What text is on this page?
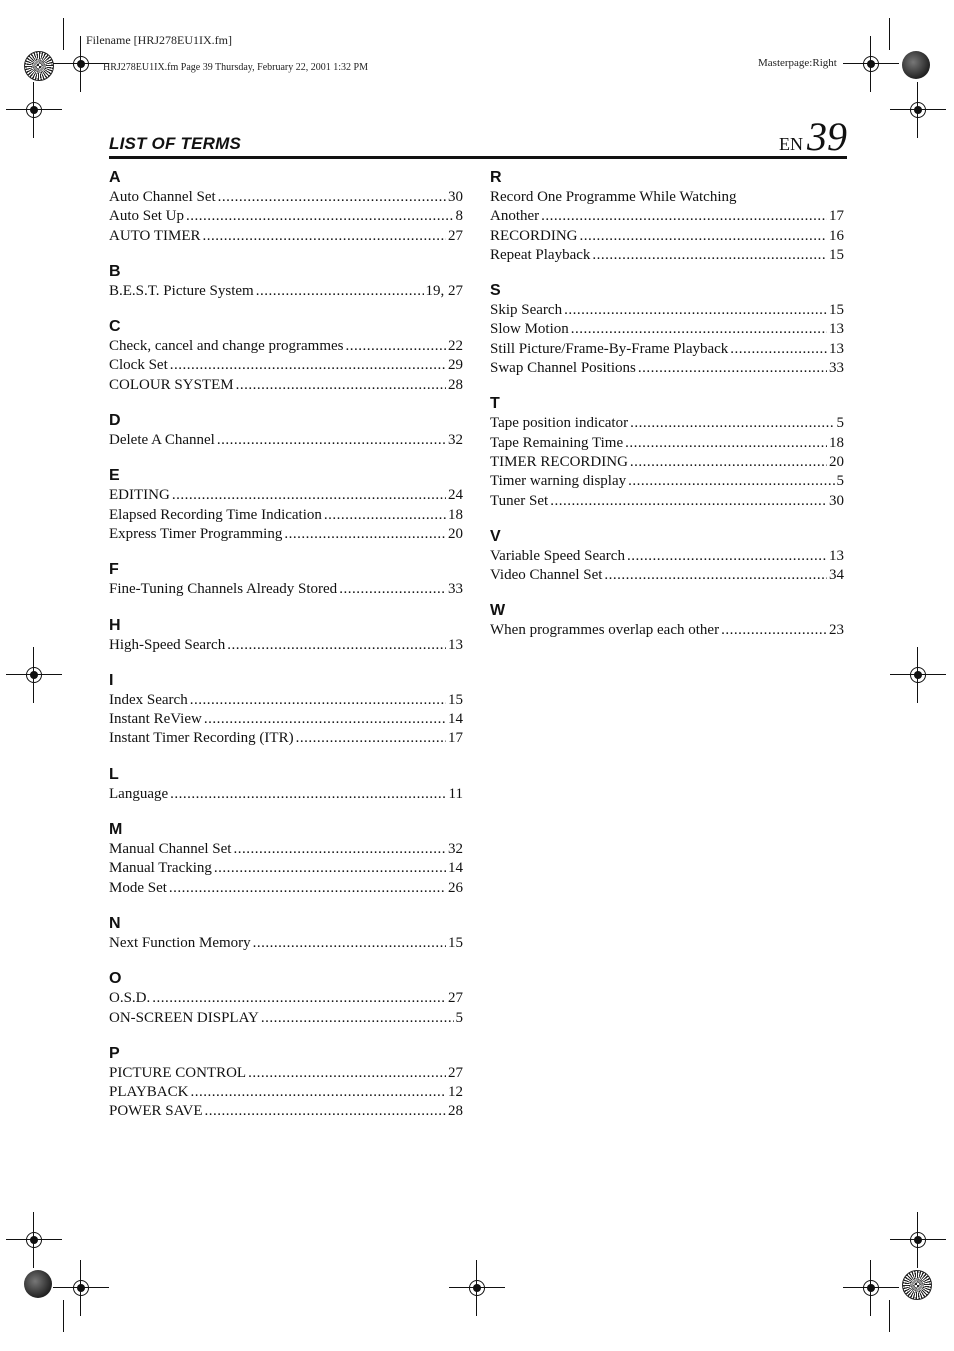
Filename [HRJ278EU1IX.fm]
HRJ278EU1IX.fm Page 39 Thursday, February 22, 2001 1:32 PM	Masterpage:Right
LIST OF TERMS	EN 39
A
Auto Channel Set .....	30
Auto Set Up .....	8
AUTO TIMER .....	27
B
B.E.S.T. Picture System .....	19, 27
C
Check, cancel and change programmes .....	22
Clock Set .....	29
COLOUR SYSTEM .....	28
D
Delete A Channel .....	32
E
EDITING .....	24
Elapsed Recording Time Indication .....	18
Express Timer Programming .....	20
F
Fine-Tuning Channels Already Stored .....	33
H
High-Speed Search .....	13
I
Index Search .....	15
Instant ReView .....	14
Instant Timer Recording (ITR) .....	17
L
Language .....	11
M
Manual Channel Set .....	32
Manual Tracking .....	14
Mode Set .....	26
N
Next Function Memory .....	15
O
O.S.D. .....	27
ON-SCREEN DISPLAY .....	5
P
PICTURE CONTROL .....	27
PLAYBACK .....	12
POWER SAVE .....	28
R
Record One Programme While Watching
Another .....	17
RECORDING .....	16
Repeat Playback .....	15
S
Skip Search .....	15
Slow Motion .....	13
Still Picture/Frame-By-Frame Playback .....	13
Swap Channel Positions .....	33
T
Tape position indicator .....	5
Tape Remaining Time .....	18
TIMER RECORDING .....	20
Timer warning display .....	5
Tuner Set .....	30
V
Variable Speed Search .....	13
Video Channel Set .....	34
W
When programmes overlap each other .....	23
